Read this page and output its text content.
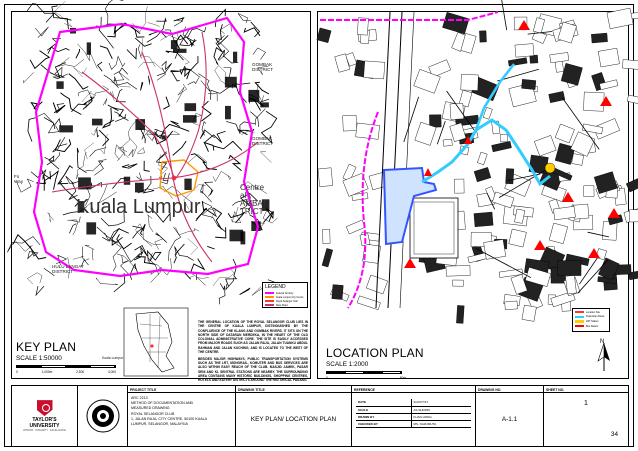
GOMBAK
DISTRICT
GOMBAK
DISTRICT
Kuala Lumpur
Centre
al
AMBAT
TRICT
Fo
Way
HULU LANGAT
DISTRICT
Kuala Lumpur
LEGEND
Federal Territory
Kuala Lumpur City Centre
Royal Selangor Club
Main Road
KEY PLAN
SCALE 1:50000
0	1,000m	2,500	4,000

THE GENERAL LOCATION OF THE ROYAL SELANGOR CLUB LIES IN THE CENTRE OF KUALA LUMPUR, DISTINGUISHED BY THE CONFLUENCE OF THE KLANG AND GOMBAK RIVERS. IT SITS ON THE NORTH SIDE OF DATARAN MERDEKA, IN THE HEART OF THE OLD COLONIAL ADMINISTRATIVE CORE. THE SITE IS EASILY ACCESSED FROM MAJOR ROADS SUCH AS JALAN RAJA, JALAN TUANKU ABDUL RAHMAN AND JALAN KUCHING, AND IS LOCATED TO THE WEST OF THE CENTRE.

BESIDES MAJOR HIGHWAYS, PUBLIC TRANSPORTATION SYSTEMS SUCH AS THE LRT, MONORAIL, KOMUTER AND BUS SERVICES ARE ALSO WITHIN EASY REACH OF THE CLUB. MASJID JAMEK, PASAR SENI AND KL SENTRAL STATIONS ARE NEARBY. THE SURROUNDING AREA CONTAINS MANY HISTORIC BUILDINGS, SHOPPING CENTRES, HOTELS AND EATERY DISTRICTS AROUND THE HISTORICAL PADANG.

Location Site
Pedestrian Route
LRT Station
Bus Station
LOCATION PLAN
SCALE 1:2000
0	50m
N
TAYLOR'S
UNIVERSITY
WISDOM · INTEGRITY · EXCELLENCE
PROJECT TITLE
ARC 2213
METHOD OF DOCUMENTATION AND
MEASURED DRAWING
ROYAL SELANGOR CLUB
1, JALAN RAJA, CITY CENTRE, 50100 KUALA
LUMPUR, SELANGOR, MALAYSIA
DRAWING TITLE
KEY PLAN/ LOCATION PLAN
REFERENCE
DATE	31/OCT/17
SCALE	AS SHOWN
DRAWN BY	KUAN HONG
CHECKED BY	MS. NAZUMUTA
DRAWING NO.
A-1.1
SHEET NO.
1
34
